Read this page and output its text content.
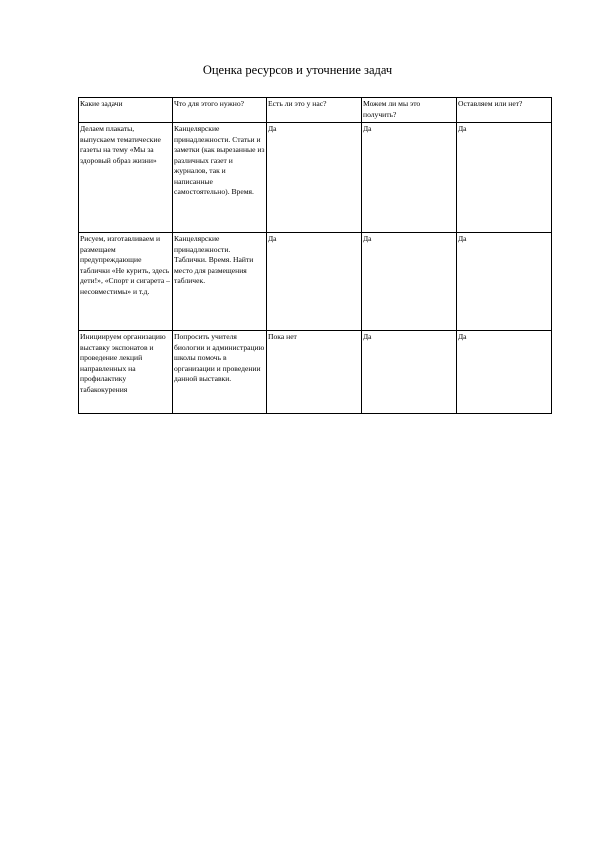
Оценка ресурсов и уточнение задач
Какие задачи	Что для этого нужно?	Есть ли это у нас?	Можем ли мы это получить?	Оставляем или нет?
Делаем плакаты, выпускаем тематические газеты на тему «Мы за здоровый образ жизни»	Канцелярские принадлежности. Статьи и заметки (как вырезанные из различных газет и журналов, так и написанные самостоятельно). Время.	Да	Да	Да
Рисуем, изготавливаем и размещаем предупреждающие таблички «Не курить, здесь дети!», «Спорт и сигарета – несовместимы» и т.д.	Канцелярские принадлежности. Таблички. Время. Найти место для размещения табличек.	Да	Да	Да
Инициируем организацию выставку экспонатов и проведение лекций направленных на профилактику табакокурения	Попросить учителя биологии и администрацию школы помочь в организации и проведении данной выставки.	Пока нет	Да	Да
